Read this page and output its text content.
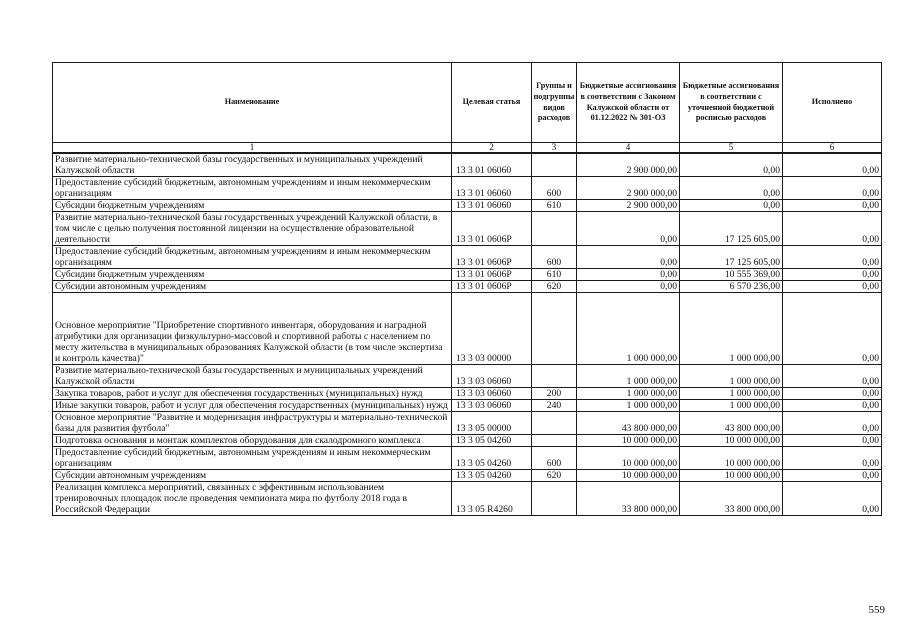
Наименование	Целевая статья	Группы и подгруппы видов расходов	Бюджетные ассигнования в соответствии с Законом Калужской области от 01.12.2022 № 301-ОЗ	Бюджетные ассигнования в соответствии с уточненной бюджетной росписью расходов	Исполнено
1	2	3	4	5	6
Развитие материально-технической базы государственных и муниципальных учреждений Калужской области	13 3 01 06060		2 900 000,00	0,00	0,00
Предоставление субсидий бюджетным, автономным учреждениям и иным некоммерческим организациям	13 3 01 06060	600	2 900 000,00	0,00	0,00
Субсидии бюджетным учреждениям	13 3 01 06060	610	2 900 000,00	0,00	0,00
Развитие материально-технической базы государственных учреждений Калужской области, в том числе с целью получения постоянной лицензии на осуществление образовательной деятельности	13 3 01 0606Р		0,00	17 125 605,00	0,00
Предоставление субсидий бюджетным, автономным учреждениям и иным некоммерческим организациям	13 3 01 0606Р	600	0,00	17 125 605,00	0,00
Субсидии бюджетным учреждениям	13 3 01 0606Р	610	0,00	10 555 369,00	0,00
Субсидии автономным учреждениям	13 3 01 0606Р	620	0,00	6 570 236,00	0,00
Основное мероприятие "Приобретение спортивного инвентаря, оборудования и наградной атрибутики для организации физкультурно-массовой и спортивной работы с населением по месту жительства в муниципальных образованиях Калужской области (в том числе экспертиза и контроль качества)"	13 3 03 00000		1 000 000,00	1 000 000,00	0,00
Развитие материально-технической базы государственных и муниципальных учреждений Калужской области	13 3 03 06060		1 000 000,00	1 000 000,00	0,00
Закупка товаров, работ и услуг для обеспечения государственных (муниципальных) нужд	13 3 03 06060	200	1 000 000,00	1 000 000,00	0,00
Иные закупки товаров, работ и услуг для обеспечения государственных (муниципальных) нужд	13 3 03 06060	240	1 000 000,00	1 000 000,00	0,00
Основное мероприятие "Развитие и модернизация инфраструктуры и материально-технической базы для развития футбола"	13 3 05 00000		43 800 000,00	43 800 000,00	0,00
Подготовка основания и монтаж комплектов оборудования для скалодромного комплекса	13 3 05 04260		10 000 000,00	10 000 000,00	0,00
Предоставление субсидий бюджетным, автономным учреждениям и иным некоммерческим организациям	13 3 05 04260	600	10 000 000,00	10 000 000,00	0,00
Субсидии автономным учреждениям	13 3 05 04260	620	10 000 000,00	10 000 000,00	0,00
Реализация комплекса мероприятий, связанных с эффективным использованием тренировочных площадок после проведения чемпионата мира по футболу 2018 года в Российской Федерации	13 3 05 R4260		33 800 000,00	33 800 000,00	0,00
559
